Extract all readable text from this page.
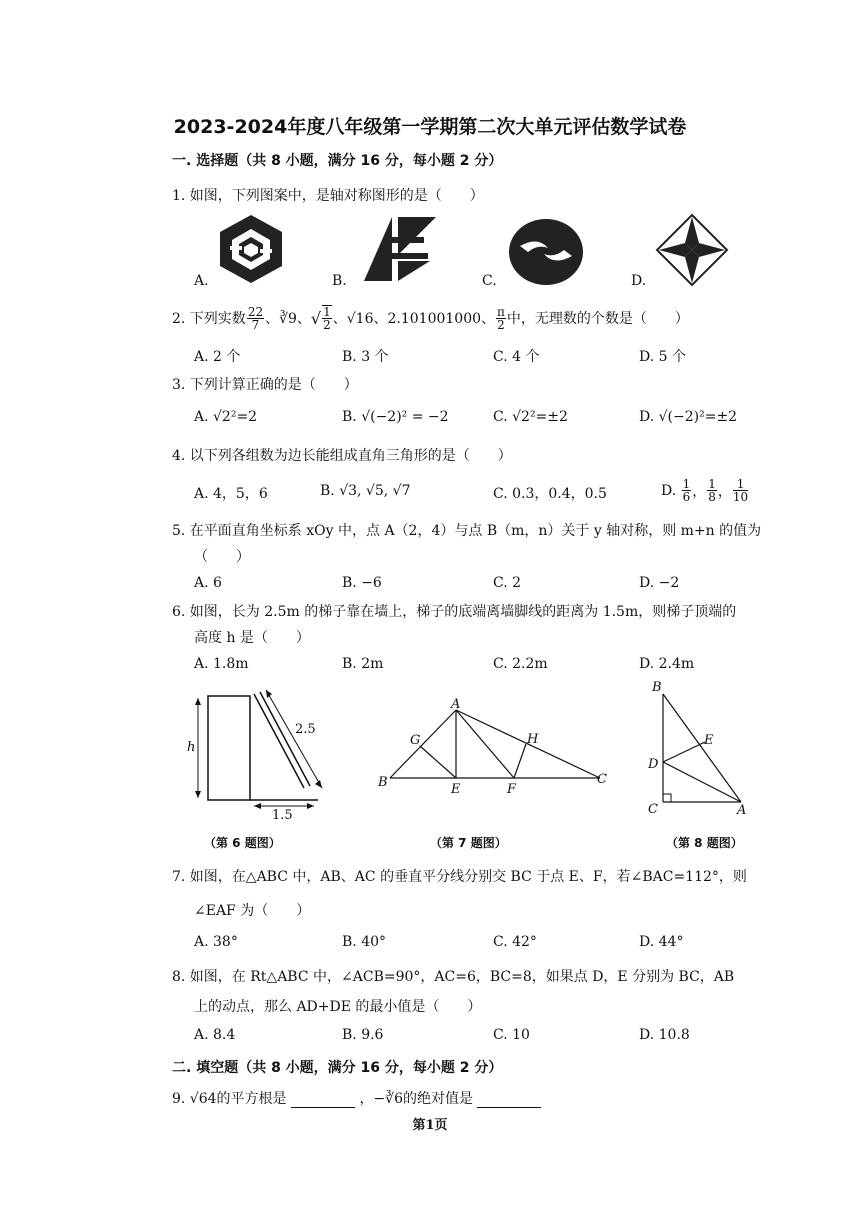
2023-2024年度八年级第一学期第二次大单元评估数学试卷
一. 选择题（共 8 小题，满分 16 分，每小题 2 分）
1. 如图，下列图案中，是轴对称图形的是（　　）
A.	B.	C.	D.
2. 下列实数 $\frac{22}{7}$ 、∛9、 √ $\frac{1}{2}$ 、√16、2.101001000、 $\frac{\pi}{2}$ 中，无理数的个数是（　　）
A. 2 个	B. 3 个	C. 4 个	D. 5 个
3. 下列计算正确的是（　　）
A. √2²=2	B. √(−2)² = −2	C. √2²=±2	D. √(−2)²=±2
4. 以下列各组数为边长能组成直角三角形的是（　　）
A. 4，5，6	B. √3, √5, √7	C. 0.3，0.4，0.5	D.
$\frac{1}{6}$ ， $\frac{1}{8}$ ， $\frac{1}{10}$
5. 在平面直角坐标系 xOy 中，点 A（2，4）与点 B（m，n）关于 y 轴对称，则 m+n 的值为
（　　）
A. 6	B. −6	C. 2	D. −2
6. 如图，长为 2.5m 的梯子靠在墙上，梯子的底端离墙脚线的距离为 1.5m，则梯子顶端的
高度 h 是（　　）
A. 1.8m	B. 2m	C. 2.2m	D. 2.4m
h
2.5
1.5
（第 6 题图）
A
B	C
E	F
G	H
（第 7 题图）
B
D
E
C	A
（第 8 题图）
7. 如图，在△ABC 中，AB、AC 的垂直平分线分别交 BC 于点 E、F，若∠BAC=112°，则
∠EAF 为（　　）
A. 38°	B. 40°	C. 42°	D. 44°
8. 如图，在 Rt△ABC 中，∠ACB=90°，AC=6，BC=8，如果点 D，E 分别为 BC，AB
上的动点，那么 AD+DE 的最小值是（　　）
A. 8.4	B. 9.6	C. 10	D. 10.8
二. 填空题（共 8 小题，满分 16 分，每小题 2 分）
9. √64的平方根是	，−∛6的绝对值是
第1页
